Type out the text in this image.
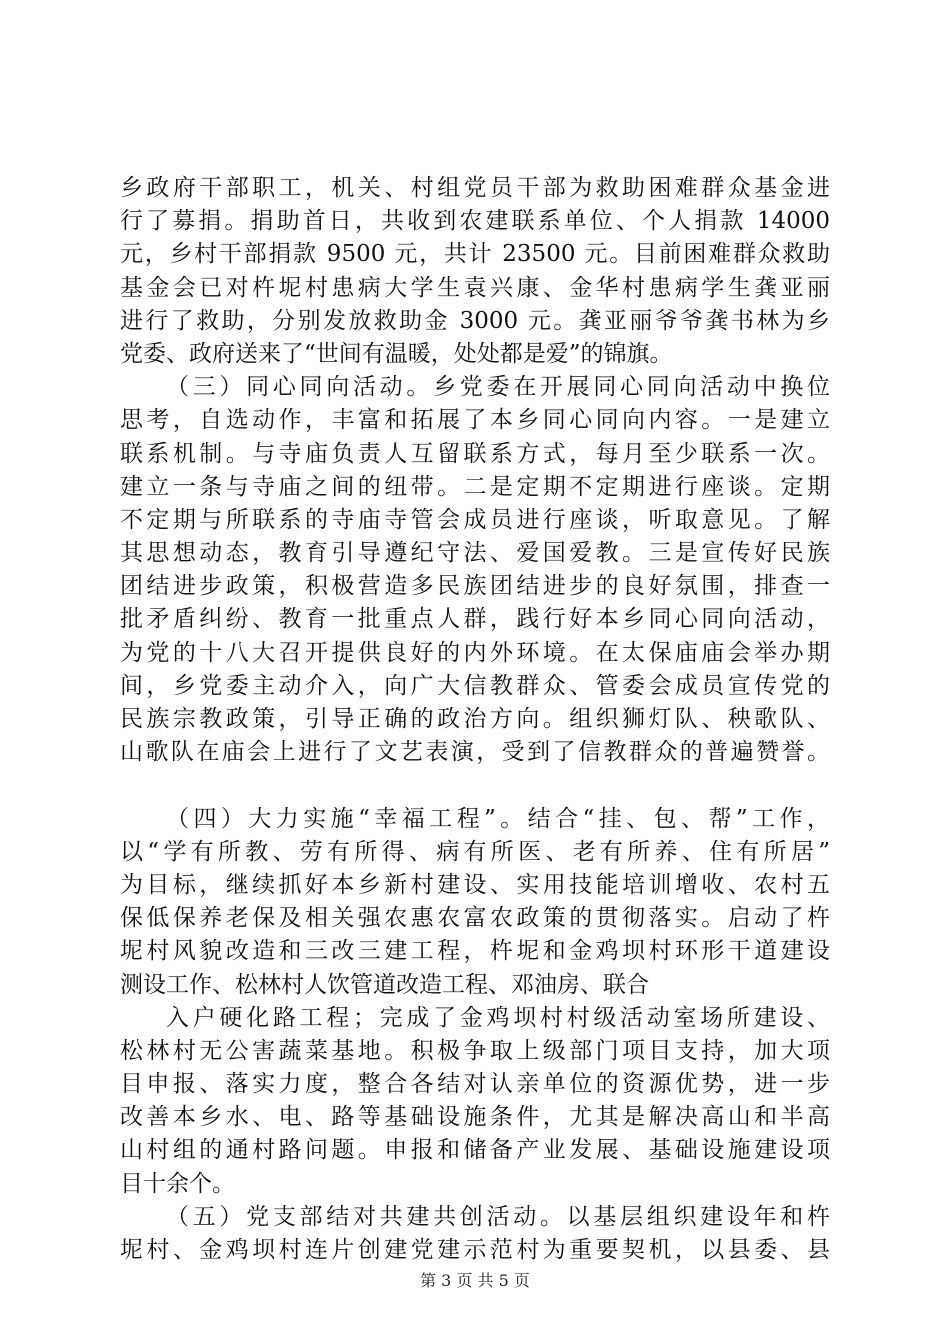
乡政府干部职工，机关、村组党员干部为救助困难群众基金进
行了募捐。捐助首日，共收到农建联系单位、个人捐款 14000
元，乡村干部捐款 9500 元，共计 23500 元。目前困难群众救助
基金会已对杵坭村患病大学生袁兴康、金华村患病学生龚亚丽
进行了救助，分别发放救助金 3000 元。龚亚丽爷爷龚书林为乡
党委、政府送来了“世间有温暖，处处都是爱”的锦旗。
（三）同心同向活动。乡党委在开展同心同向活动中换位
思考，自选动作，丰富和拓展了本乡同心同向内容。一是建立
联系机制。与寺庙负责人互留联系方式，每月至少联系一次。
建立一条与寺庙之间的纽带。二是定期不定期进行座谈。定期
不定期与所联系的寺庙寺管会成员进行座谈，听取意见。了解
其思想动态，教育引导遵纪守法、爱国爱教。三是宣传好民族
团结进步政策，积极营造多民族团结进步的良好氛围，排查一
批矛盾纠纷、教育一批重点人群，践行好本乡同心同向活动，
为党的十八大召开提供良好的内外环境。在太保庙庙会举办期
间，乡党委主动介入，向广大信教群众、管委会成员宣传党的
民族宗教政策，引导正确的政治方向。组织狮灯队、秧歌队、
山歌队在庙会上进行了文艺表演，受到了信教群众的普遍赞誉。
（四）大力实施“幸福工程”。结合“挂、包、帮”工作，
以“学有所教、劳有所得、病有所医、老有所养、住有所居”
为目标，继续抓好本乡新村建设、实用技能培训增收、农村五
保低保养老保及相关强农惠农富农政策的贯彻落实。启动了杵
坭村风貌改造和三改三建工程，杵坭和金鸡坝村环形干道建设
测设工作、松林村人饮管道改造工程、邓油房、联合
入户硬化路工程；完成了金鸡坝村村级活动室场所建设、
松林村无公害蔬菜基地。积极争取上级部门项目支持，加大项
目申报、落实力度，整合各结对认亲单位的资源优势，进一步
改善本乡水、电、路等基础设施条件，尤其是解决高山和半高
山村组的通村路问题。申报和储备产业发展、基础设施建设项
目十余个。
（五）党支部结对共建共创活动。以基层组织建设年和杵
坭村、金鸡坝村连片创建党建示范村为重要契机，以县委、县
第 3 页 共 5 页
